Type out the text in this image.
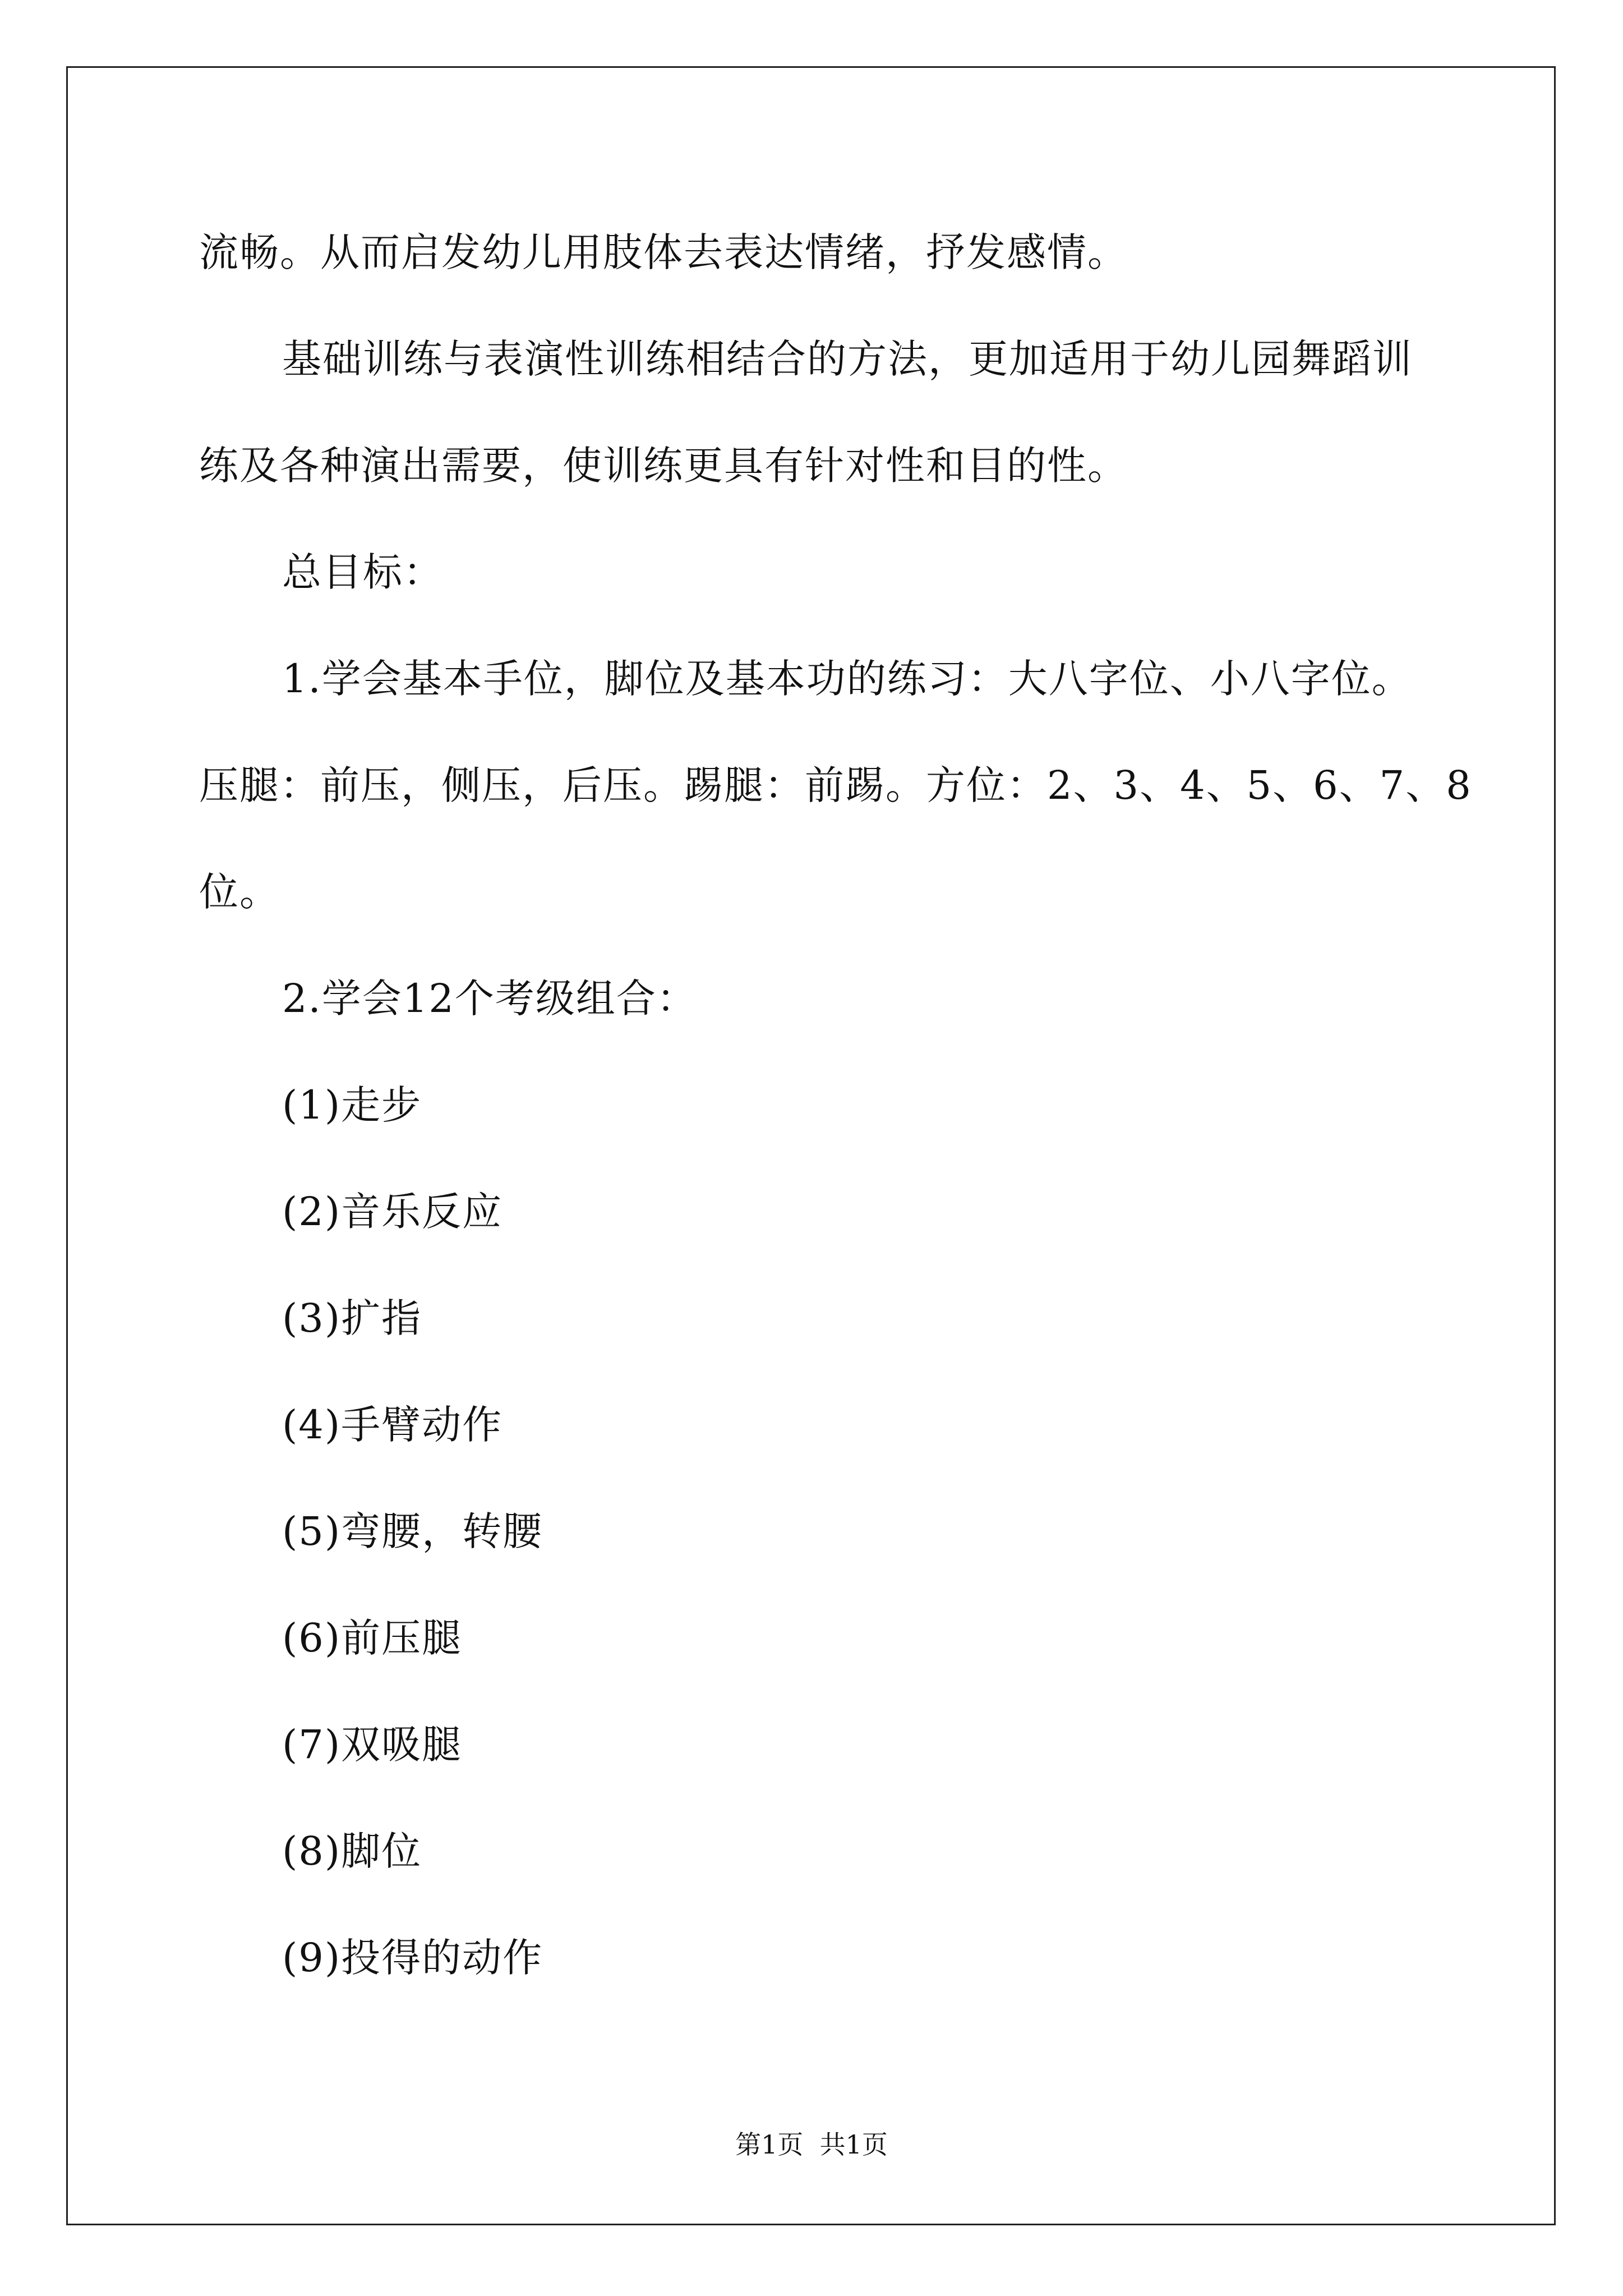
流畅。从而启发幼儿用肢体去表达情绪，抒发感情。
基础训练与表演性训练相结合的方法，更加适用于幼儿园舞蹈训
练及各种演出需要，使训练更具有针对性和目的性。
总目标：
1.学会基本手位，脚位及基本功的练习：大八字位、小八字位。
压腿：前压，侧压，后压。踢腿：前踢。方位：2、3、4、5、6、7、8
位。
2.学会12个考级组合：
(1)走步
(2)音乐反应
(3)扩指
(4)手臂动作
(5)弯腰，转腰
(6)前压腿
(7)双吸腿
(8)脚位
(9)投得的动作
第1页  共1页
